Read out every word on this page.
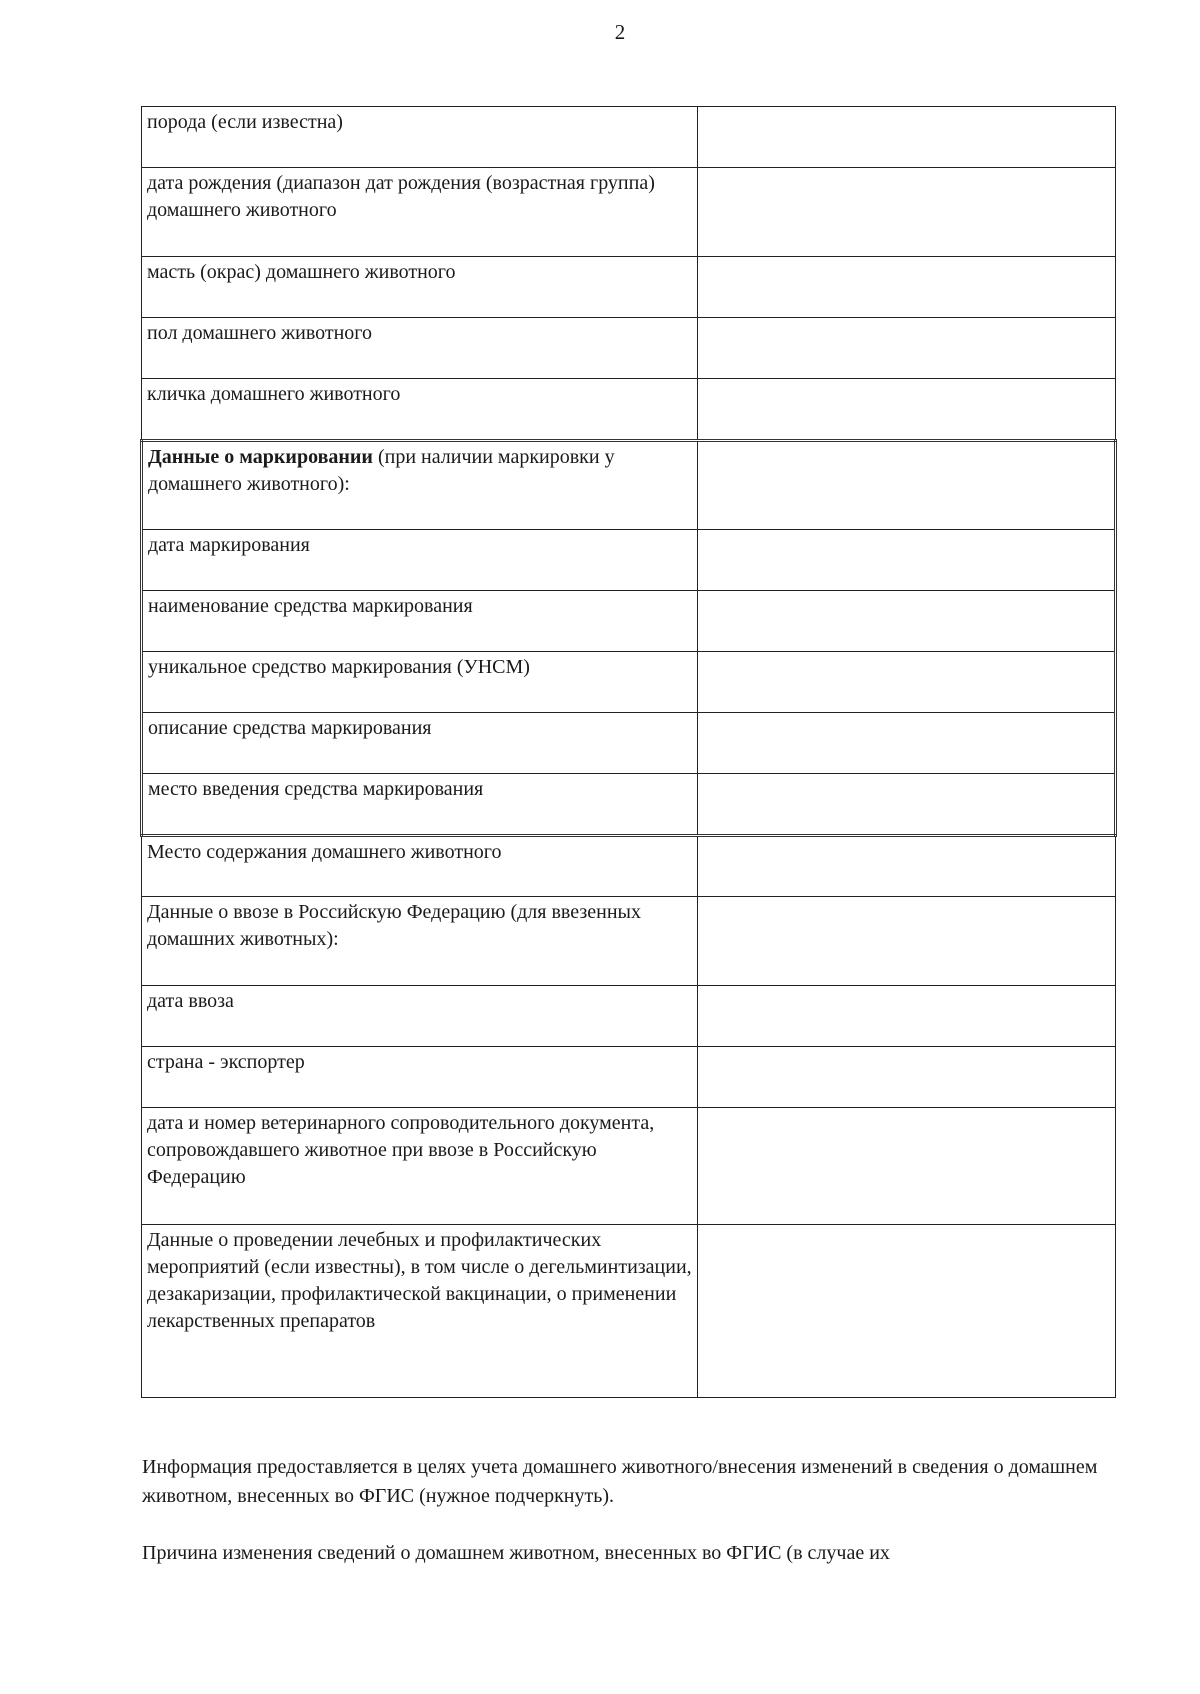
2
порода (если известна)	
дата рождения (диапазон дат рождения (возрастная группа) домашнего животного	
масть (окрас) домашнего животного	
пол домашнего животного	
кличка домашнего животного	
Данные о маркировании (при наличии маркировки у домашнего животного):	
дата маркирования	
наименование средства маркирования	
уникальное средство маркирования (УНСМ)	
описание средства маркирования	
место введения средства маркирования	
Место содержания домашнего животного	
Данные о ввозе в Российскую Федерацию (для ввезенных домашних животных):	
дата ввоза	
страна - экспортер	
дата и номер ветеринарного сопроводительного документа, сопровождавшего животное при ввозе в Российскую Федерацию	
Данные о проведении лечебных и профилактических мероприятий (если известны), в том числе о дегельминтизации, дезакаризации, профилактической вакцинации, о применении лекарственных препаратов	

Информация предоставляется в целях учета домашнего животного/внесения изменений в сведения о домашнем животном, внесенных во ФГИС (нужное подчеркнуть).

Причина изменения сведений о домашнем животном, внесенных во ФГИС (в случае их
